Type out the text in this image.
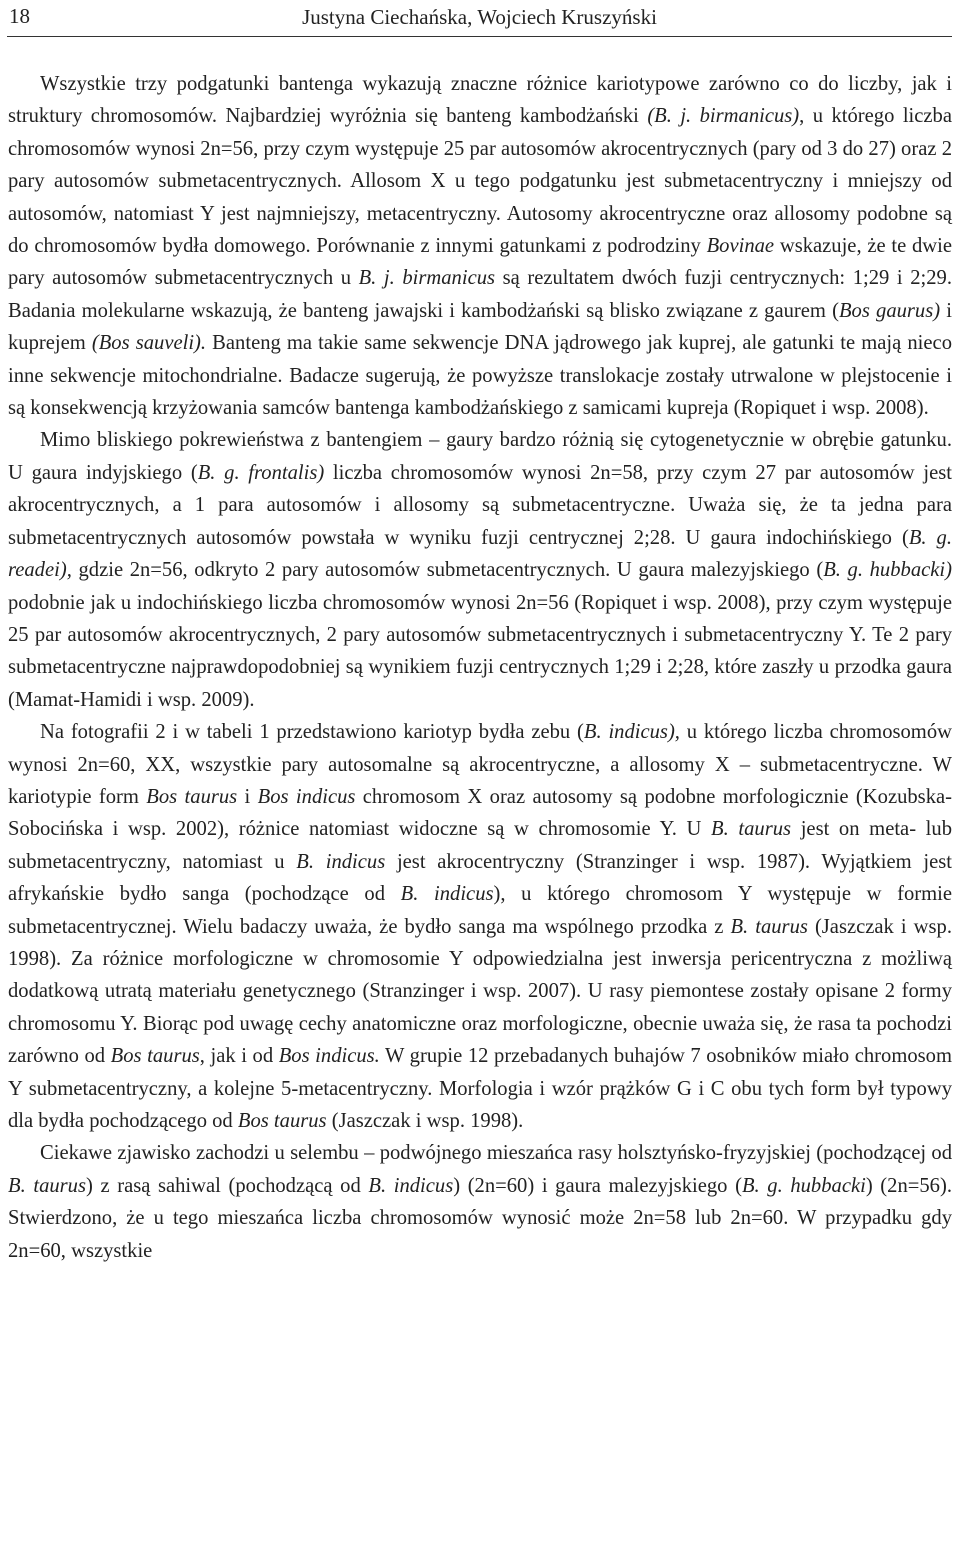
18	Justyna Ciechańska, Wojciech Kruszyński

Wszystkie trzy podgatunki bantenga wykazują znaczne różnice kariotypowe zarówno co do liczby, jak i struktury chromosomów. Najbardziej wyróżnia się banteng kambodżański (B. j. birmanicus), u którego liczba chromosomów wynosi 2n=56, przy czym występuje 25 par autosomów akrocentrycznych (pary od 3 do 27) oraz 2 pary autosomów submetacentrycznych. Allosom X u tego podgatunku jest submetacentryczny i mniejszy od autosomów, natomiast Y jest najmniejszy, metacentryczny. Autosomy akrocentryczne oraz allosomy podobne są do chromosomów bydła domowego. Porównanie z innymi gatunkami z podrodziny Bovinae wskazuje, że te dwie pary autosomów submetacentrycznych u B. j. birmanicus są rezultatem dwóch fuzji centrycznych: 1;29 i 2;29. Badania molekularne wskazują, że banteng jawajski i kambodżański są blisko związane z gaurem (Bos gaurus) i kuprejem (Bos sauveli). Banteng ma takie same sekwencje DNA jądrowego jak kuprej, ale gatunki te mają nieco inne sekwencje mitochondrialne. Badacze sugerują, że powyższe translokacje zostały utrwalone w plejstocenie i są konsekwencją krzyżowania samców bantenga kambodżańskiego z samicami kupreja (Ropiquet i wsp. 2008).

Mimo bliskiego pokrewieństwa z bantengiem – gaury bardzo różnią się cytogenetycznie w obrębie gatunku. U gaura indyjskiego (B. g. frontalis) liczba chromosomów wynosi 2n=58, przy czym 27 par autosomów jest akrocentrycznych, a 1 para autosomów i allosomy są submetacentryczne. Uważa się, że ta jedna para submetacentrycznych autosomów powstała w wyniku fuzji centrycznej 2;28. U gaura indochińskiego (B. g. readei), gdzie 2n=56, odkryto 2 pary autosomów submetacentrycznych. U gaura malezyjskiego (B. g. hubbacki) podobnie jak u indochińskiego liczba chromosomów wynosi 2n=56 (Ropiquet i wsp. 2008), przy czym występuje 25 par autosomów akrocentrycznych, 2 pary autosomów submetacentrycznych i submetacentryczny Y. Te 2 pary submetacentryczne najprawdopodobniej są wynikiem fuzji centrycznych 1;29 i 2;28, które zaszły u przodka gaura (Mamat-Hamidi i wsp. 2009).

Na fotografii 2 i w tabeli 1 przedstawiono kariotyp bydła zebu (B. indicus), u którego liczba chromosomów wynosi 2n=60, XX, wszystkie pary autosomalne są akrocentryczne, a allosomy X – submetacentryczne. W kariotypie form Bos taurus i Bos indicus chromosom X oraz autosomy są podobne morfologicznie (Kozubska-Sobocińska i wsp. 2002), różnice natomiast widoczne są w chromosomie Y. U B. taurus jest on meta- lub submetacentryczny, natomiast u B. indicus jest akrocentryczny (Stranzinger i wsp. 1987). Wyjątkiem jest afrykańskie bydło sanga (pochodzące od B. indicus), u którego chromosom Y występuje w formie submetacentrycznej. Wielu badaczy uważa, że bydło sanga ma wspólnego przodka z B. taurus (Jaszczak i wsp. 1998). Za różnice morfologiczne w chromosomie Y odpowiedzialna jest inwersja pericentryczna z możliwą dodatkową utratą materiału genetycznego (Stranzinger i wsp. 2007). U rasy piemontese zostały opisane 2 formy chromosomu Y. Biorąc pod uwagę cechy anatomiczne oraz morfologiczne, obecnie uważa się, że rasa ta pochodzi zarówno od Bos taurus, jak i od Bos indicus. W grupie 12 przebadanych buhajów 7 osobników miało chromosom Y submetacentryczny, a kolejne 5-metacentryczny. Morfologia i wzór prążków G i C obu tych form był typowy dla bydła pochodzącego od Bos taurus (Jaszczak i wsp. 1998).

Ciekawe zjawisko zachodzi u selembu – podwójnego mieszańca rasy holsztyńsko-fryzyjskiej (pochodzącej od B. taurus) z rasą sahiwal (pochodzącą od B. indicus) (2n=60) i gaura malezyjskiego (B. g. hubbacki) (2n=56). Stwierdzono, że u tego mieszańca liczba chromosomów wynosić może 2n=58 lub 2n=60. W przypadku gdy 2n=60, wszystkie
